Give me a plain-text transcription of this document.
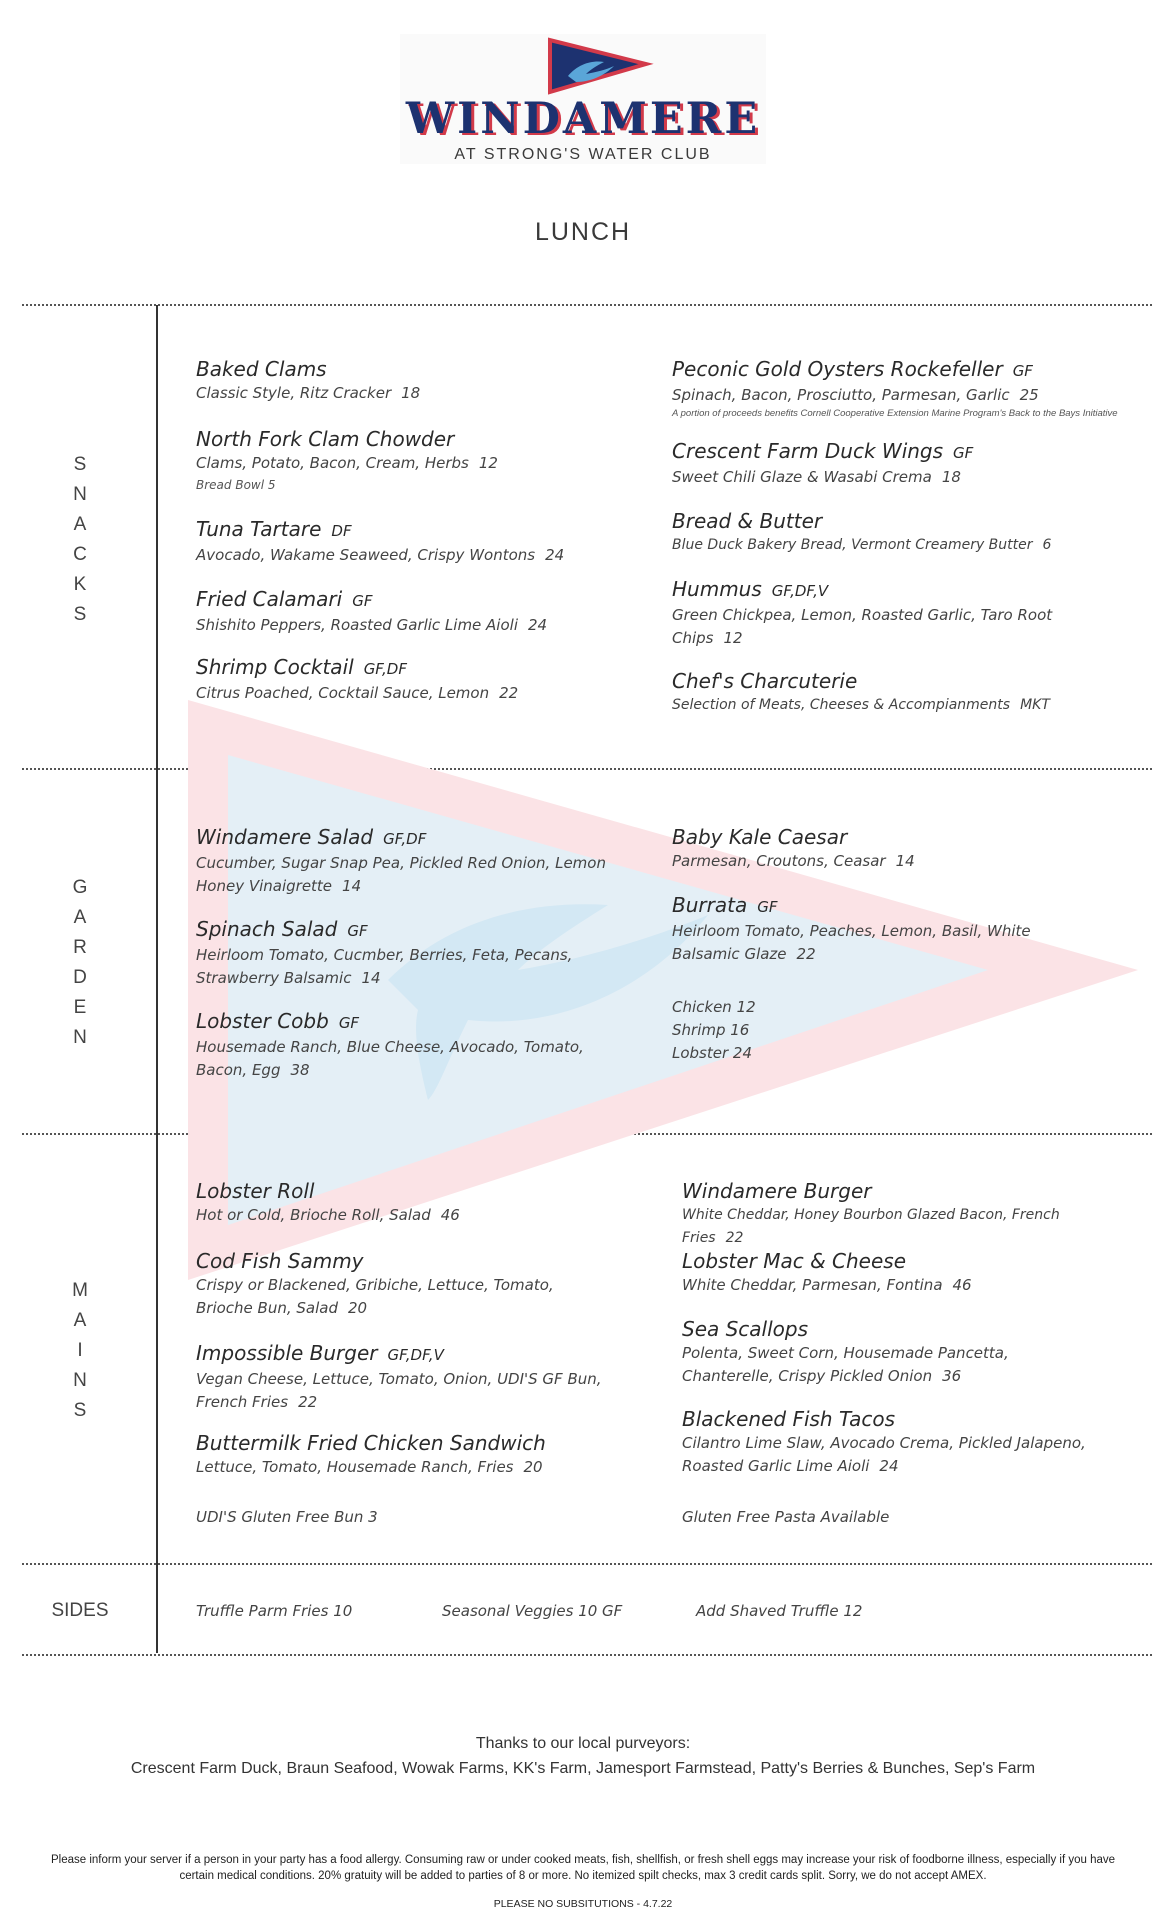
WINDAMERE
AT STRONG'S WATER CLUB
LUNCH
S N A C K S
G A R D E N
M A I N S
SIDES
Baked Clams
Classic Style, Ritz Cracker 18
North Fork Clam Chowder
Clams, Potato, Bacon, Cream, Herbs 12
Bread Bowl 5
Tuna Tartare DF
Avocado, Wakame Seaweed, Crispy Wontons 24
Fried Calamari GF
Shishito Peppers, Roasted Garlic Lime Aioli 24
Shrimp Cocktail GF,DF
Citrus Poached, Cocktail Sauce, Lemon 22
Peconic Gold Oysters Rockefeller GF
Spinach, Bacon, Prosciutto, Parmesan, Garlic 25
A portion of proceeds benefits Cornell Cooperative Extension Marine Program's Back to the Bays Initiative
Crescent Farm Duck Wings GF
Sweet Chili Glaze & Wasabi Crema 18
Bread & Butter
Blue Duck Bakery Bread, Vermont Creamery Butter 6
Hummus GF,DF,V
Green Chickpea, Lemon, Roasted Garlic, Taro Root Chips 12
Chef's Charcuterie
Selection of Meats, Cheeses & Accompianments MKT
Windamere Salad GF,DF
Cucumber, Sugar Snap Pea, Pickled Red Onion, Lemon Honey Vinaigrette 14
Spinach Salad GF
Heirloom Tomato, Cucmber, Berries, Feta, Pecans, Strawberry Balsamic 14
Lobster Cobb GF
Housemade Ranch, Blue Cheese, Avocado, Tomato, Bacon, Egg 38
Baby Kale Caesar
Parmesan, Croutons, Ceasar 14
Burrata GF
Heirloom Tomato, Peaches, Lemon, Basil, White Balsamic Glaze 22
Chicken 12
Shrimp 16
Lobster 24
Lobster Roll
Hot or Cold, Brioche Roll, Salad 46
Cod Fish Sammy
Crispy or Blackened, Gribiche, Lettuce, Tomato, Brioche Bun, Salad 20
Impossible Burger GF,DF,V
Vegan Cheese, Lettuce, Tomato, Onion, UDI'S GF Bun, French Fries 22
Buttermilk Fried Chicken Sandwich
Lettuce, Tomato, Housemade Ranch, Fries 20
UDI'S Gluten Free Bun 3
Windamere Burger
White Cheddar, Honey Bourbon Glazed Bacon, French Fries 22
Lobster Mac & Cheese
White Cheddar, Parmesan, Fontina 46
Sea Scallops
Polenta, Sweet Corn, Housemade Pancetta, Chanterelle, Crispy Pickled Onion 36
Blackened Fish Tacos
Cilantro Lime Slaw, Avocado Crema, Pickled Jalapeno, Roasted Garlic Lime Aioli 24
Gluten Free Pasta Available
Truffle Parm Fries 10	Seasonal Veggies 10 GF	Add Shaved Truffle 12
Thanks to our local purveyors:
Crescent Farm Duck, Braun Seafood, Wowak Farms, KK's Farm, Jamesport Farmstead, Patty's Berries & Bunches, Sep's Farm
Please inform your server if a person in your party has a food allergy. Consuming raw or under cooked meats, fish, shellfish, or fresh shell eggs may increase your risk of foodborne illness, especially if you have certain medical conditions. 20% gratuity will be added to parties of 8 or more. No itemized spilt checks, max 3 credit cards split. Sorry, we do not accept AMEX.
PLEASE NO SUBSITUTIONS - 4.7.22
